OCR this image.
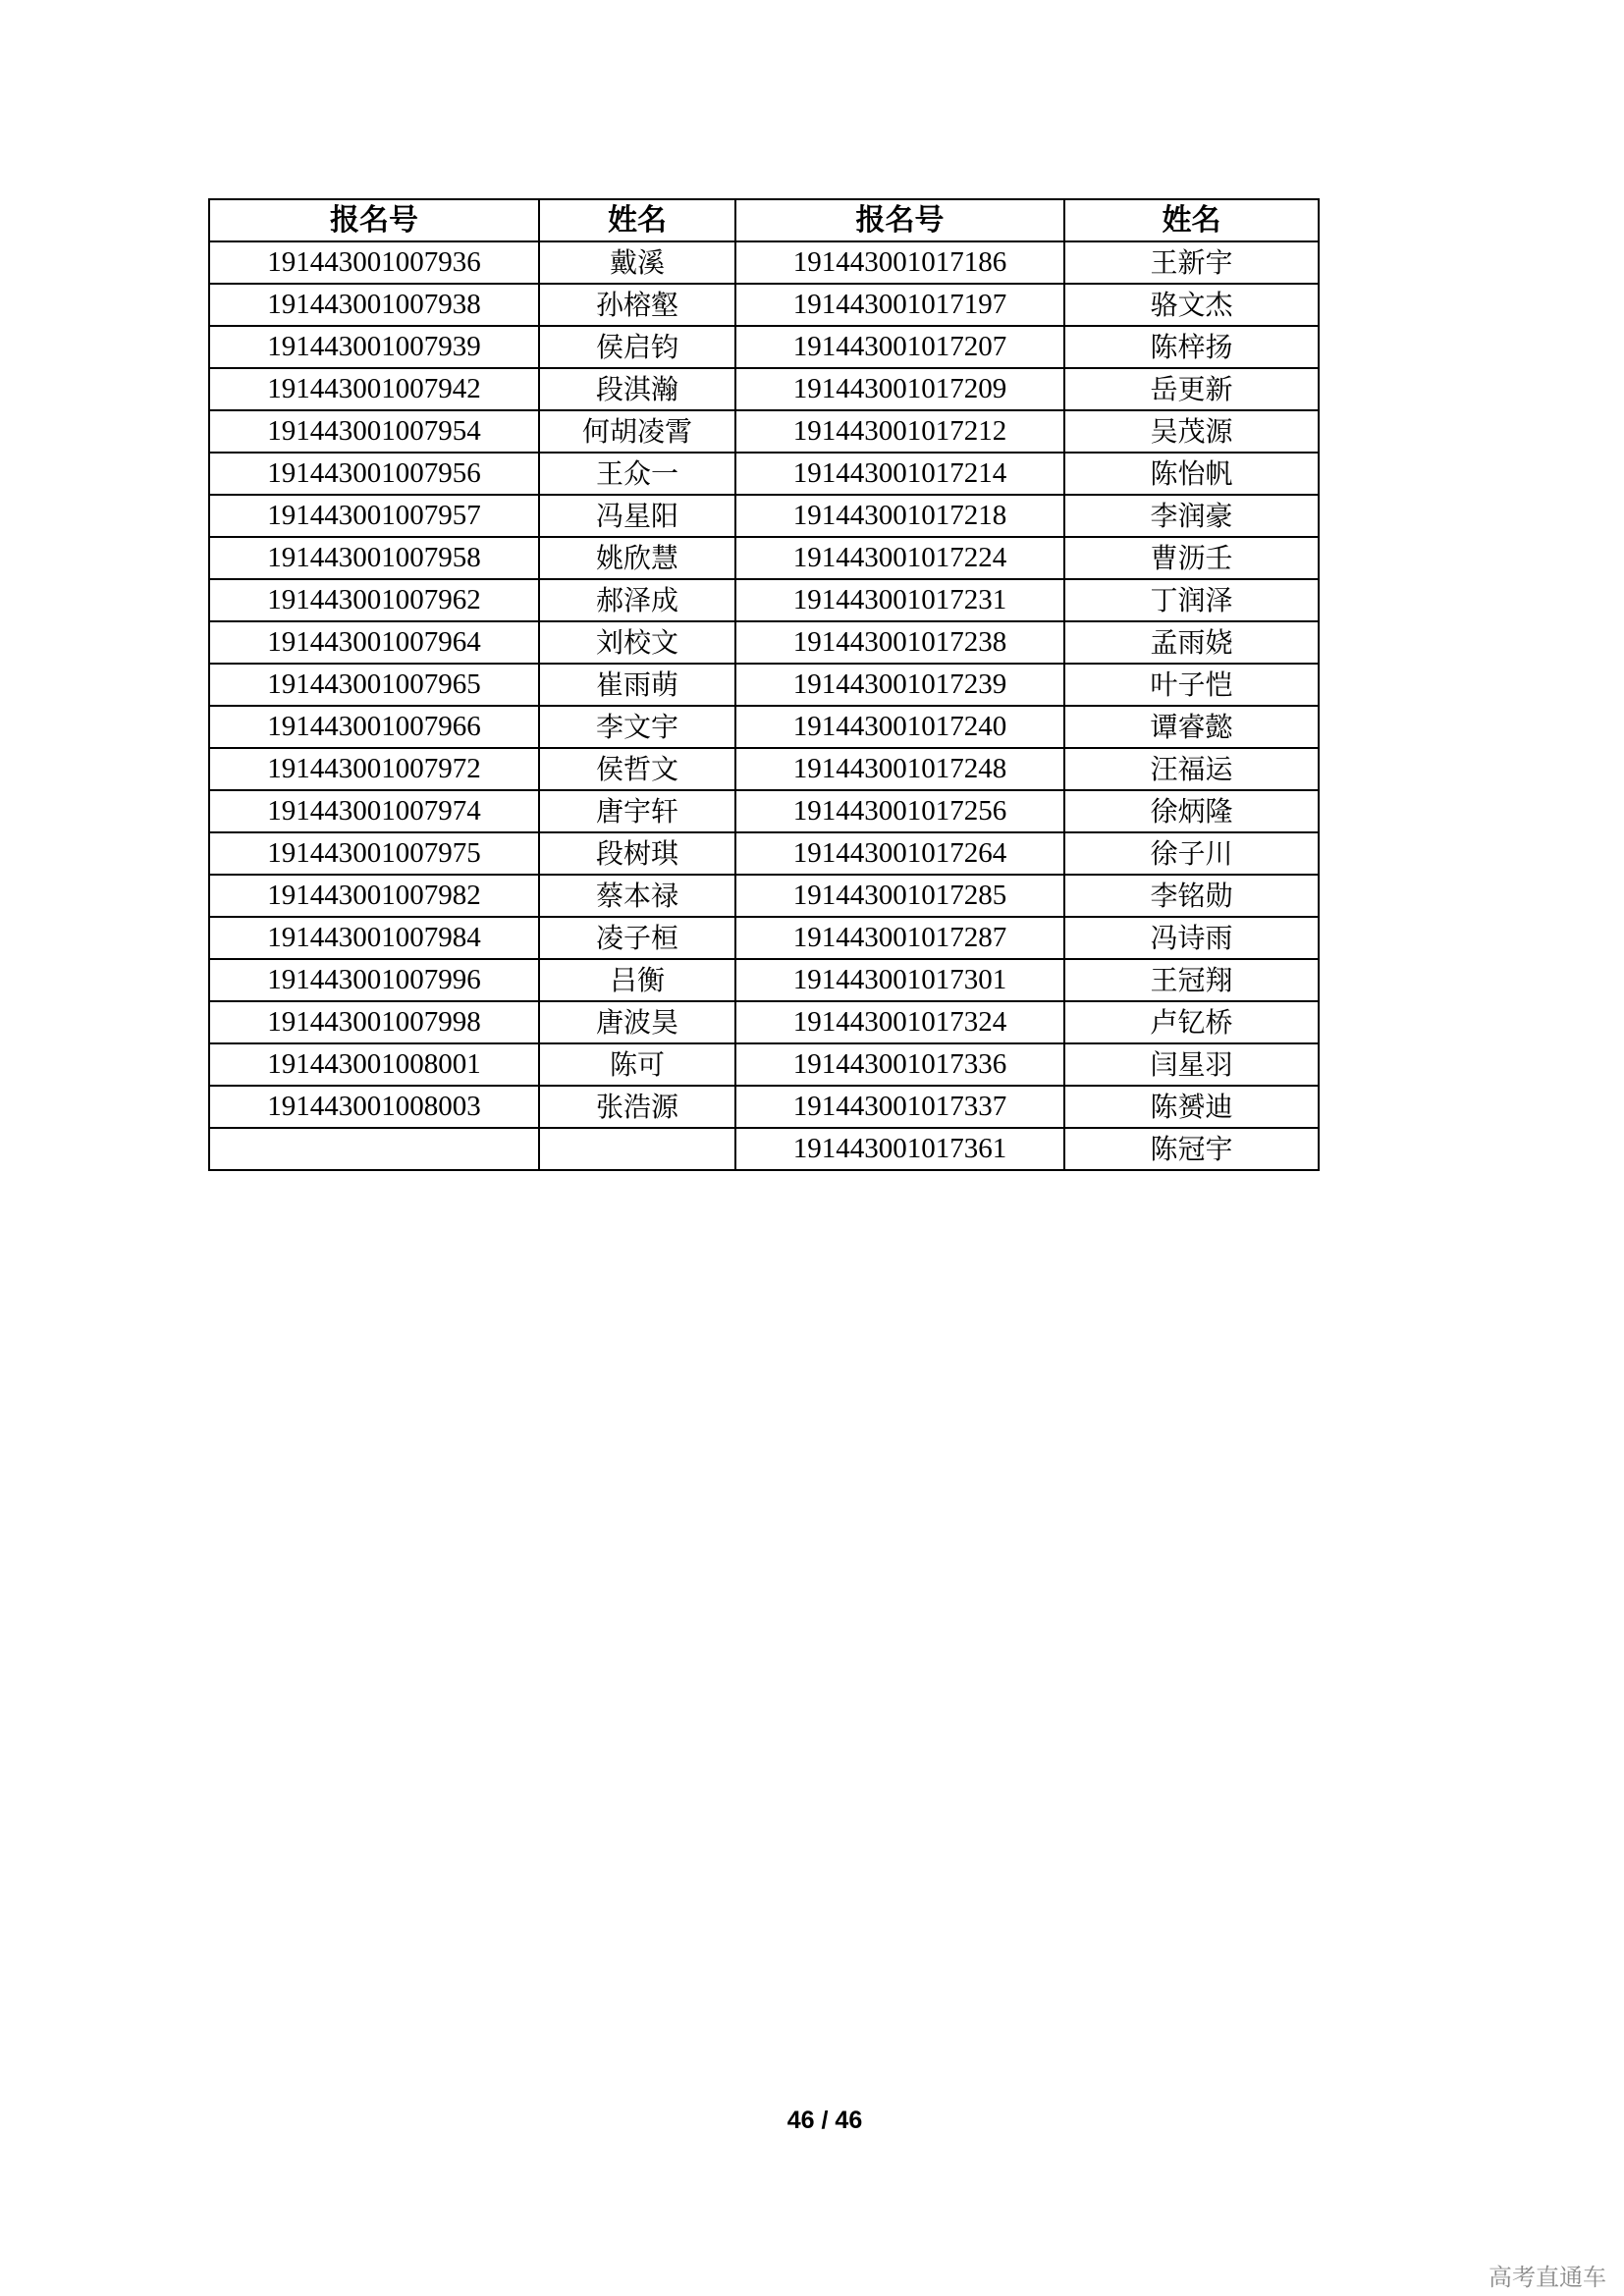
报名号	姓名	报名号	姓名
191443001007936	戴溪	191443001017186	王新宇
191443001007938	孙榕壑	191443001017197	骆文杰
191443001007939	侯启钧	191443001017207	陈梓扬
191443001007942	段淇瀚	191443001017209	岳更新
191443001007954	何胡凌霄	191443001017212	吴茂源
191443001007956	王众一	191443001017214	陈怡帆
191443001007957	冯星阳	191443001017218	李润豪
191443001007958	姚欣慧	191443001017224	曹沥壬
191443001007962	郝泽成	191443001017231	丁润泽
191443001007964	刘校文	191443001017238	孟雨娆
191443001007965	崔雨萌	191443001017239	叶子恺
191443001007966	李文宇	191443001017240	谭睿懿
191443001007972	侯哲文	191443001017248	汪福运
191443001007974	唐宇轩	191443001017256	徐炳隆
191443001007975	段树琪	191443001017264	徐子川
191443001007982	蔡本禄	191443001017285	李铭勋
191443001007984	凌子桓	191443001017287	冯诗雨
191443001007996	吕衡	191443001017301	王冠翔
191443001007998	唐波昊	191443001017324	卢钇桥
191443001008001	陈可	191443001017336	闫星羽
191443001008003	张浩源	191443001017337	陈赟迪
		191443001017361	陈冠宇
46 / 46
高考直通车
